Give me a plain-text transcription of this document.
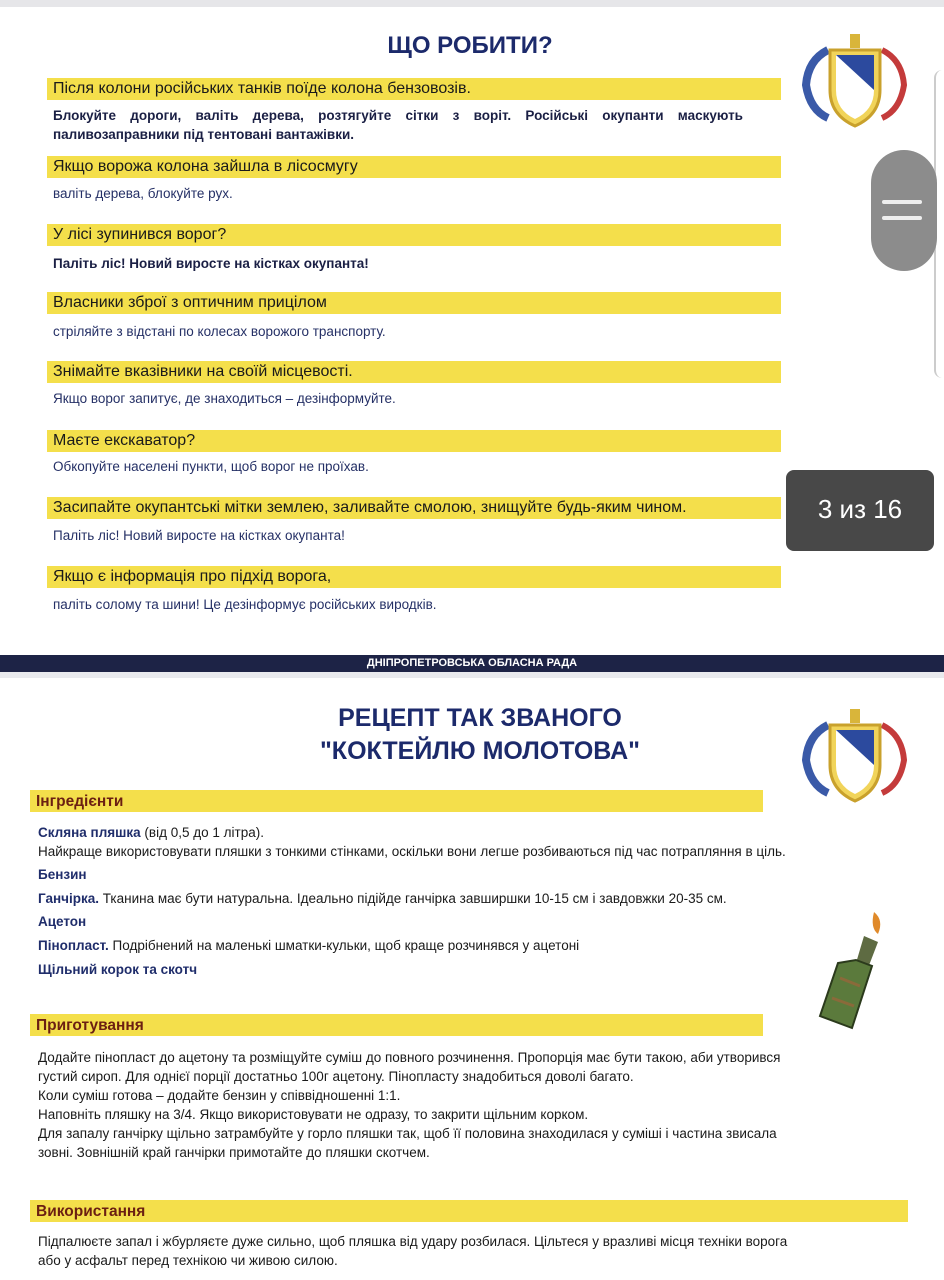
ЩО РОБИТИ?
Після колони російських танків поїде колона бензовозів.
Блокуйте дороги, валіть дерева, розтягуйте сітки з воріт. Російські окупанти маскують
паливозаправники під тентовані вантажівки.
Якщо ворожа колона зайшла в лісосмугу
валіть дерева, блокуйте рух.
У лісі зупинився ворог?
Паліть ліс! Новий виросте на кістках окупанта!
Власники зброї з оптичним прицілом
стріляйте з відстані по колесах ворожого транспорту.
Знімайте вказівники на своїй місцевості.
Якщо ворог запитує, де знаходиться – дезінформуйте.
Маєте екскаватор?
Обкопуйте населені пункти, щоб ворог не проїхав.
Засипайте окупантські мітки землею, заливайте смолою, знищуйте будь-яким чином.
Паліть ліс! Новий виросте на кістках окупанта!
Якщо є інформація про підхід ворога,
паліть солому та шини! Це дезінформує російських виродків.
ДНІПРОПЕТРОВСЬКА ОБЛАСНА РАДА
РЕЦЕПТ ТАК ЗВАНОГО
"КОКТЕЙЛЮ МОЛОТОВА"
Інгредієнти
Скляна пляшка (від 0,5 до 1 літра).
Найкраще використовувати пляшки з тонкими стінками, оскільки вони легше розбиваються під час потрапляння в ціль.
Бензин
Ганчірка. Тканина має бути натуральна. Ідеально підійде ганчірка завширшки 10-15 см і завдовжки 20-35 см.
Ацетон
Пінопласт. Подрібнений на маленькі шматки-кульки, щоб краще розчинявся у ацетоні
Щільний корок та скотч
Приготування
Додайте пінопласт до ацетону та розміщуйте суміш до повного розчинення. Пропорція має бути такою, аби утворився
густий сироп. Для однієї порції достатньо 100г ацетону. Пінопласту знадобиться доволі багато.
Коли суміш готова – додайте бензин у співвідношенні 1:1.
Наповніть пляшку на 3/4. Якщо використовувати не одразу, то закрити щільним корком.
Для запалу ганчірку щільно затрамбуйте у горло пляшки так, щоб її половина знаходилася у суміші і частина звисала
зовні. Зовнішній край ганчірки примотайте до пляшки скотчем.
Використання
Підпалюєте запал і жбурляєте дуже сильно, щоб пляшка від удару розбилася. Цільтеся у вразливі місця техніки ворога
або у асфальт перед технікою чи живою силою.
3 из 16
